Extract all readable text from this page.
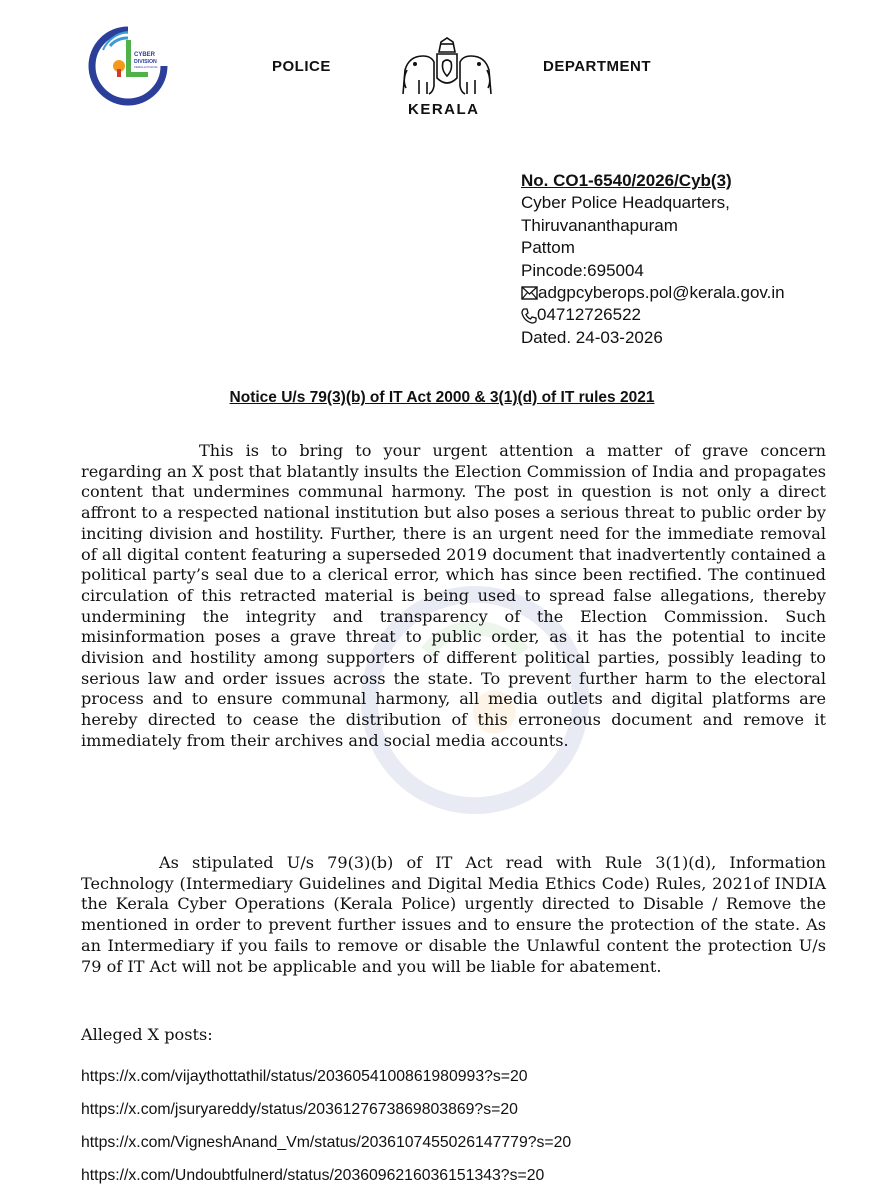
CYBER
DIVISION
KERALA POLICE	POLICE
KERALA
DEPARTMENT
No. CO1-6540/2026/Cyb(3)
Cyber Police Headquarters,
Thiruvananthapuram
Pattom
Pincode:695004
adgpcyberops.pol@kerala.gov.in
04712726522
Dated. 24-03-2026
Notice U/s 79(3)(b) of IT Act 2000 & 3(1)(d) of IT rules 2021

This is to bring to your urgent attention a matter of grave concern regarding an X post that blatantly insults the Election Commission of India and propagates content that undermines communal harmony. The post in question is not only a direct affront to a respected national institution but also poses a serious threat to public order by inciting division and hostility. Further, there is an urgent need for the immediate removal of all digital content featuring a superseded 2019 document that inadvertently contained a political party’s seal due to a clerical error, which has since been rectified. The continued circulation of this retracted material is being used to spread false allegations, thereby undermining the integrity and transparency of the Election Commission. Such misinformation poses a grave threat to public order, as it has the potential to incite division and hostility among supporters of different political parties, possibly leading to serious law and order issues across the state. To prevent further harm to the electoral process and to ensure communal harmony, all media outlets and digital platforms are hereby directed to cease the distribution of this erroneous document and remove it immediately from their archives and social media accounts.

As stipulated U/s 79(3)(b) of IT Act read with Rule 3(1)(d), Information Technology (Intermediary Guidelines and Digital Media Ethics Code) Rules, 2021of INDIA the Kerala Cyber Operations (Kerala Police) urgently directed to Disable / Remove the mentioned in order to prevent further issues and to ensure the protection of the state. As an Intermediary if you fails to remove or disable the Unlawful content the protection U/s 79 of IT Act will not be applicable and you will be liable for abatement.

Alleged X posts:
https://x.com/vijaythottathil/status/2036054100861980993?s=20
https://x.com/jsuryareddy/status/2036127673869803869?s=20
https://x.com/VigneshAnand_Vm/status/2036107455026147779?s=20
https://x.com/Undoubtfulnerd/status/2036096216036151343?s=20
